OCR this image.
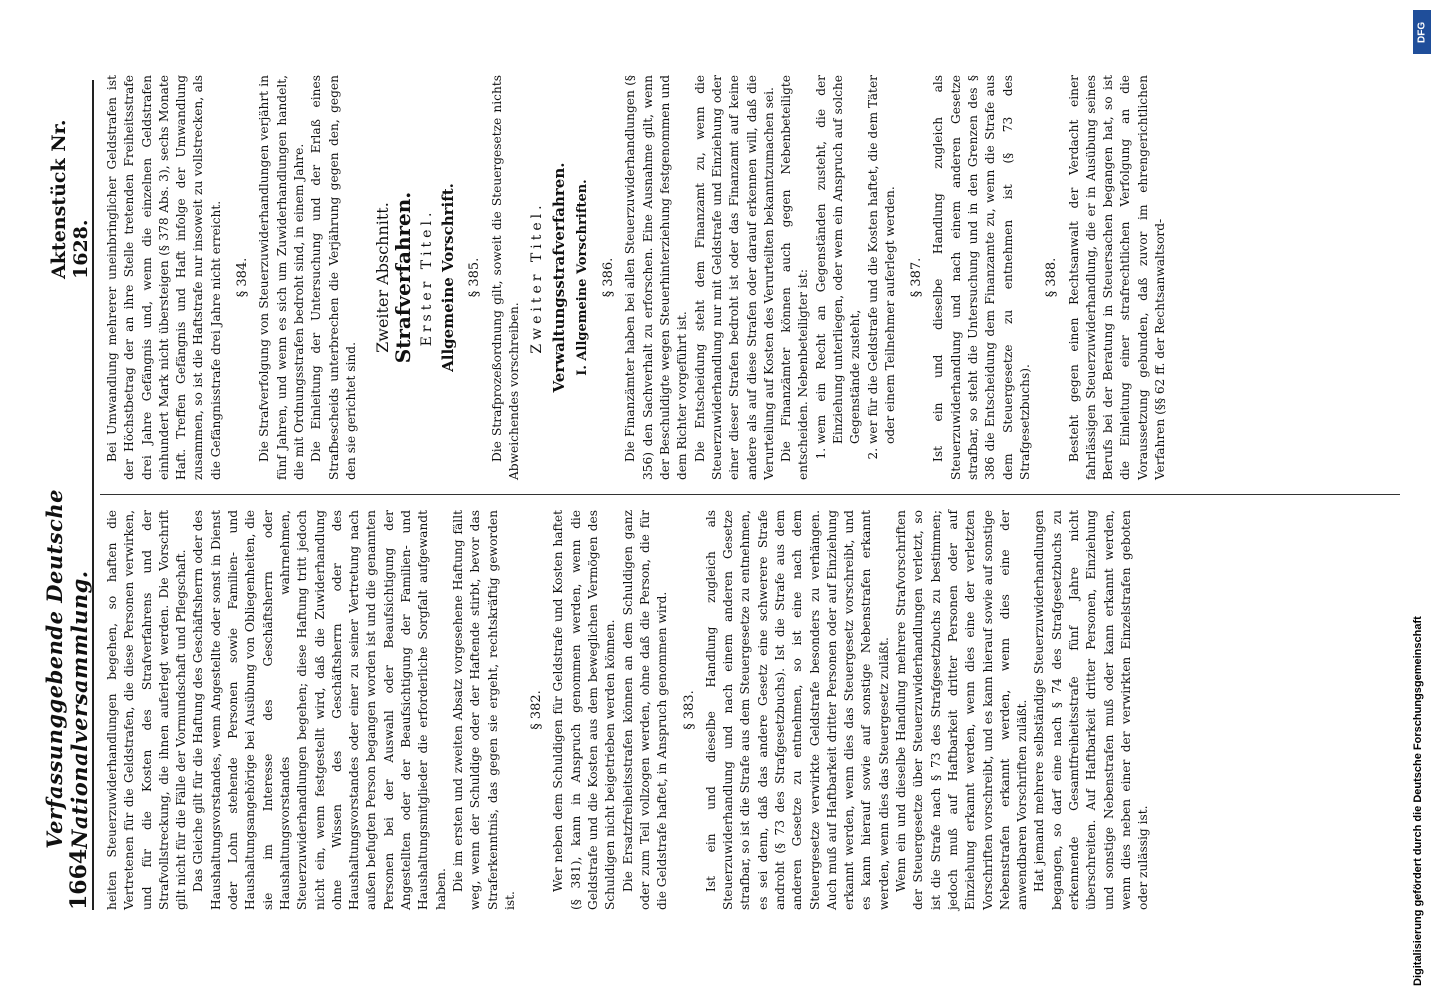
1664
Verfassunggebende Deutsche Nationalversammlung.
Aktenstück Nr. 1628.

heiten Steuerzuwiderhandlungen begehen, so haften die Vertretenen für die Geldstrafen, die diese Personen verwirken, und für die Kosten des Strafverfahrens und der Strafvollstreckung, die ihnen auferlegt werden. Die Vorschrift gilt nicht für die Fälle der Vormundschaft und Pflegschaft. Das Gleiche gilt für die Haftung des Geschäftsherrn oder des Haushaltungsvorstandes, wenn Angestellte oder sonst in Dienst oder Lohn stehende Personen sowie Familien- und Haushaltungsangehörige bei Ausübung von Obliegenheiten, die sie im Interesse des Geschäftsherrn oder Haushaltungsvorstandes wahrnehmen, Steuerzuwiderhandlungen begehen; diese Haftung tritt jedoch nicht ein, wenn festgestellt wird, daß die Zuwiderhandlung ohne Wissen des Geschäftsherrn oder des Haushaltungsvorstandes oder einer zu seiner Vertretung nach außen befugten Person begangen worden ist und die genannten Personen bei der Auswahl oder Beaufsichtigung der Angestellten oder der Beaufsichtigung der Familien- und Haushaltungsmitglieder die erforderliche Sorgfalt aufgewandt haben. Die im ersten und zweiten Absatz vorgesehene Haftung fällt weg, wenn der Schuldige oder der Haftende stirbt, bevor das Straferkenntnis, das gegen sie ergeht, rechtskräftig geworden ist.

§ 382. Wer neben dem Schuldigen für Geldstrafe und Kosten haftet (§ 381), kann in Anspruch genommen werden, wenn die Geldstrafe und die Kosten aus dem beweglichen Vermögen des Schuldigen nicht beigetrieben werden können. Die Ersatzfreiheitsstrafen können an dem Schuldigen ganz oder zum Teil vollzogen werden, ohne daß die Person, die für die Geldstrafe haftet, in Anspruch genommen wird. § 383. Ist ein und dieselbe Handlung zugleich als Steuerzuwiderhandlung und nach einem anderen Gesetze strafbar, so ist die Strafe aus dem Steuergesetze zu entnehmen, es sei denn, daß das andere Gesetz eine schwerere Strafe androht (§ 73 des Strafgesetzbuchs). Ist die Strafe aus dem anderen Gesetze zu entnehmen, so ist eine nach dem Steuergesetze verwirkte Geldstrafe besonders zu verhängen. Auch muß auf Haftbarkeit dritter Personen oder auf Einziehung erkannt werden, wenn dies das Steuergesetz vorschreibt, und es kann hierauf sowie auf sonstige Nebenstrafen erkannt werden, wenn dies das Steuergesetz zuläßt. Wenn ein und dieselbe Handlung mehrere Strafvorschriften der Steuergesetze über Steuerzuwiderhandlungen verletzt, so ist die Strafe nach § 73 des Strafgesetzbuchs zu bestimmen; jedoch muß auf Haftbarkeit dritter Personen oder auf Einziehung erkannt werden, wenn dies eine der verletzten Vorschriften vorschreibt, und es kann hierauf sowie auf sonstige Nebenstrafen erkannt werden, wenn dies eine der anwendbaren Vorschriften zuläßt. Hat jemand mehrere selbständige Steuerzuwiderhandlungen begangen, so darf eine nach § 74 des Strafgesetzbuchs zu erkennende Gesamtfreiheitsstrafe fünf Jahre nicht überschreiten. Auf Haftbarkeit dritter Personen, Einziehung und sonstige Nebenstrafen muß oder kann erkannt werden, wenn dies neben einer der verwirkten Einzelstrafen geboten oder zulässig ist.

Bei Umwandlung mehrerer uneinbringlicher Geldstrafen ist der Höchstbetrag der an ihre Stelle tretenden Freiheitsstrafe drei Jahre Gefängnis und, wenn die einzelnen Geldstrafen einhundert Mark nicht übersteigen (§ 378 Abs. 3), sechs Monate Haft. Treffen Gefängnis und Haft infolge der Umwandlung zusammen, so ist die Haftstrafe nur insoweit zu vollstrecken, als die Gefängnisstrafe drei Jahre nicht erreicht. § 384. Die Strafverfolgung von Steuerzuwiderhandlungen verjährt in fünf Jahren, und wenn es sich um Zuwiderhandlungen handelt, die mit Ordnungsstrafen bedroht sind, in einem Jahre. Die Einleitung der Untersuchung und der Erlaß eines Strafbescheids unterbrechen die Verjährung gegen den, gegen den sie gerichtet sind.

Zweiter Abschnitt. Strafverfahren. Erster Titel. Allgemeine Vorschrift. § 385. Die Strafprozeßordnung gilt, soweit die Steuergesetze nichts Abweichendes vorschreiben.

Zweiter Titel. Verwaltungsstrafverfahren. I. Allgemeine Vorschriften. § 386. Die Finanzämter haben bei allen Steuerzuwiderhandlungen (§ 356) den Sachverhalt zu erforschen. Eine Ausnahme gilt, wenn der Beschuldigte wegen Steuerhinterziehung festgenommen und dem Richter vorgeführt ist. Die Entscheidung steht dem Finanzamt zu, wenn die Steuerzuwiderhandlung nur mit Geldstrafe und Einziehung oder einer dieser Strafen bedroht ist oder das Finanzamt auf keine andere als auf diese Strafen oder darauf erkennen will, daß die Verurteilung auf Kosten des Verurteilten bekanntzumachen sei. Die Finanzämter können auch gegen Nebenbeteiligte entscheiden. Nebenbeteiligter ist: 1. wem ein Recht an Gegenständen zusteht, die der Einziehung unterliegen, oder wem ein Anspruch auf solche Gegenstände zusteht, 2. wer für die Geldstrafe und die Kosten haftet, die dem Täter oder einem Teilnehmer auferlegt werden. § 387. Ist ein und dieselbe Handlung zugleich als Steuerzuwiderhandlung und nach einem anderen Gesetze strafbar, so steht die Untersuchung und in den Grenzen des § 386 die Entscheidung dem Finanzamte zu, wenn die Strafe aus dem Steuergesetze zu entnehmen ist (§ 73 des Strafgesetzbuchs).

§ 388. Besteht gegen einen Rechtsanwalt der Verdacht einer fahrlässigen Steuerzuwiderhandlung, die er in Ausübung seines Berufs bei der Beratung in Steuersachen begangen hat, so ist die Einleitung einer strafrechtlichen Verfolgung an die Voraussetzung gebunden, daß zuvor im ehrengerichtlichen Verfahren (§§ 62 ff. der Rechtsanwaltsord-

DFG
Digitalisierung gefördert durch die Deutsche Forschungsgemeinschaft
